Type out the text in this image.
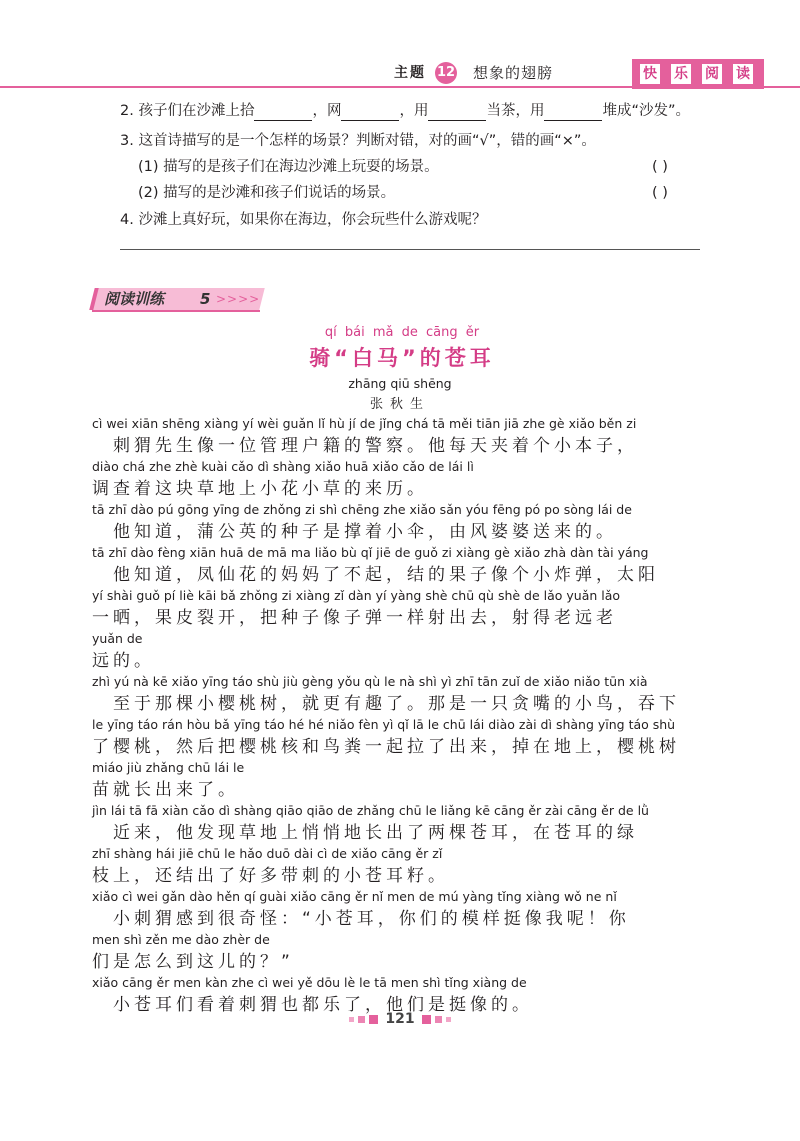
主题 12 想象的翅膀	快 乐 阅 读
2. 孩子们在沙滩上拾	，网	，用	当茶，用	堆成“沙发”。
3. 这首诗描写的是一个怎样的场景？判断对错，对的画“√”，错的画“×”。
(1) 描写的是孩子们在海边沙滩上玩耍的场景。	( )
(2) 描写的是沙滩和孩子们说话的场景。	( )
4. 沙滩上真好玩，如果你在海边，你会玩些什么游戏呢？
阅读训练 5 >>>>
qí bái mǎ de cāng ěr
骑“白马”的苍耳
zhāng qiū shēng
张秋生
cì wei xiān shēng xiàng yí wèi guǎn lǐ hù jí de jǐng chá tā měi tiān jiā zhe gè xiǎo běn zi
　刺猬先生像一位管理户籍的警察。他每天夹着个小本子，
diào chá zhe zhè kuài cǎo dì shàng xiǎo huā xiǎo cǎo de lái lì
调查着这块草地上小花小草的来历。
tā zhī dào pú gōng yīng de zhǒng zi shì chēng zhe xiǎo sǎn yóu fēng pó po sòng lái de
　他知道，蒲公英的种子是撑着小伞，由风婆婆送来的。
tā zhī dào fèng xiān huā de mā ma liǎo bù qǐ jiē de guǒ zi xiàng gè xiǎo zhà dàn tài yáng
　他知道，凤仙花的妈妈了不起，结的果子像个小炸弹，太阳
yí shài guǒ pí liè kāi bǎ zhǒng zi xiàng zǐ dàn yí yàng shè chū qù shè de lǎo yuǎn lǎo
一晒，果皮裂开，把种子像子弹一样射出去，射得老远老
yuǎn de
远的。
zhì yú nà kē xiǎo yīng táo shù jiù gèng yǒu qù le nà shì yì zhī tān zuǐ de xiǎo niǎo tūn xià
　至于那棵小樱桃树，就更有趣了。那是一只贪嘴的小鸟，吞下
le yīng táo rán hòu bǎ yīng táo hé hé niǎo fèn yì qǐ lā le chū lái diào zài dì shàng yīng táo shù
了樱桃，然后把樱桃核和鸟粪一起拉了出来，掉在地上，樱桃树
miáo jiù zhǎng chū lái le
苗就长出来了。
jìn lái tā fā xiàn cǎo dì shàng qiāo qiāo de zhǎng chū le liǎng kē cāng ěr zài cāng ěr de lǜ
　近来，他发现草地上悄悄地长出了两棵苍耳，在苍耳的绿
zhī shàng hái jiē chū le hǎo duō dài cì de xiǎo cāng ěr zǐ
枝上，还结出了好多带刺的小苍耳籽。
xiǎo cì wei gǎn dào hěn qí guài xiǎo cāng ěr nǐ men de mú yàng tǐng xiàng wǒ ne nǐ
　小刺猬感到很奇怪：“小苍耳，你们的模样挺像我呢！你
men shì zěn me dào zhèr de
们是怎么到这儿的？”
xiǎo cāng ěr men kàn zhe cì wei yě dōu lè le tā men shì tǐng xiàng de
　小苍耳们看着刺猬也都乐了，他们是挺像的。
121
